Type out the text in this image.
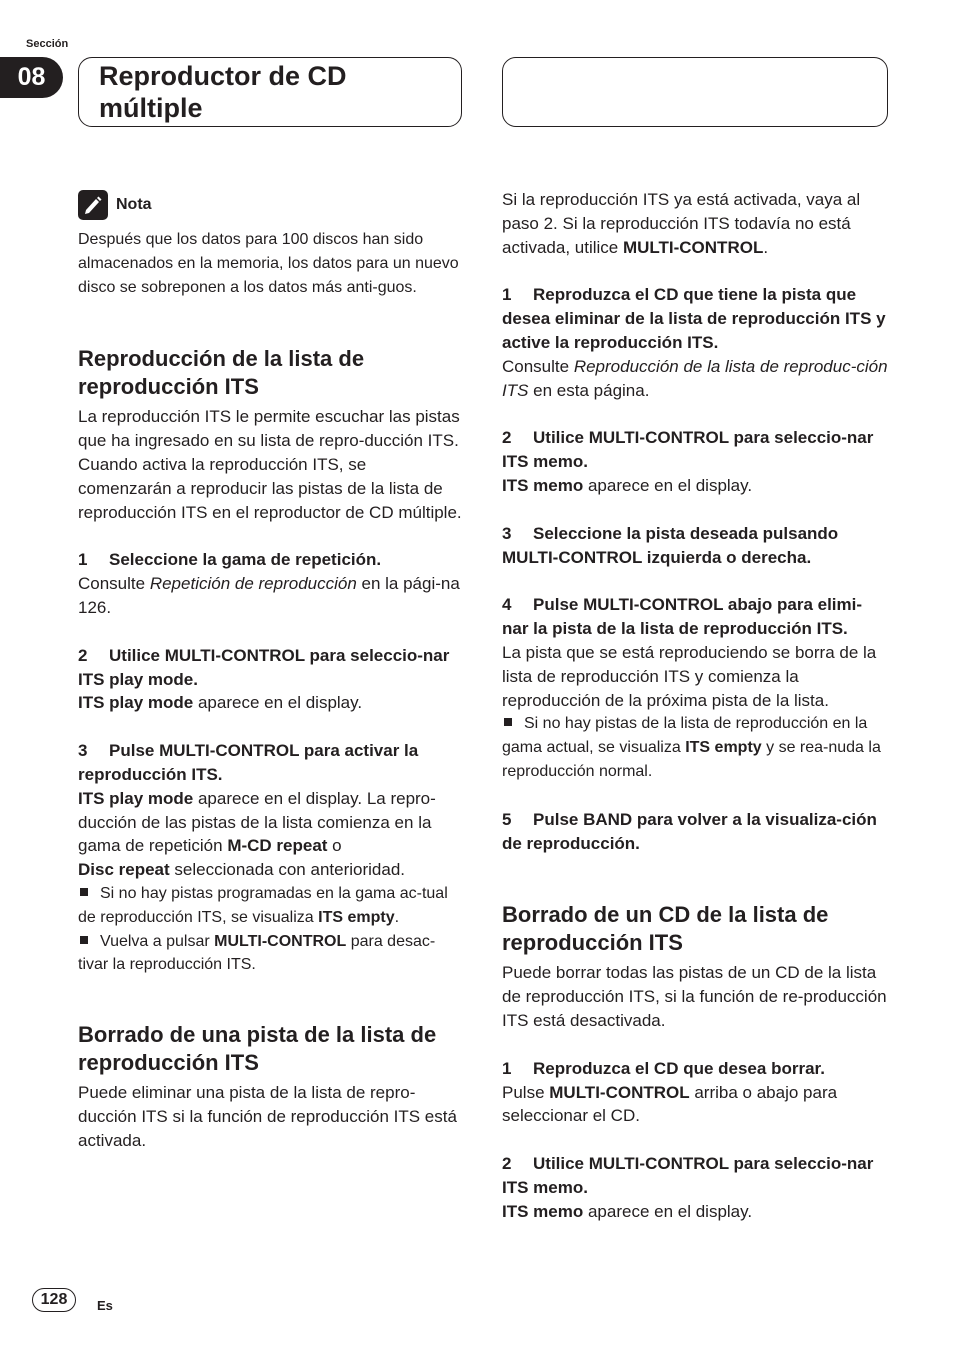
Sección
08	Reproductor de CD
múltiple
Nota

Después que los datos para 100 discos han sido almacenados en la memoria, los datos para un nuevo disco se sobreponen a los datos más anti-guos.

Reproducción de la lista de reproducción ITS

La reproducción ITS le permite escuchar las pistas que ha ingresado en su lista de repro-ducción ITS. Cuando activa la reproducción ITS, se comenzarán a reproducir las pistas de la lista de reproducción ITS en el reproductor de CD múltiple.

1 Seleccione la gama de repetición.

Consulte Repetición de reproducción en la pági-na 126.

2 Utilice MULTI-CONTROL para seleccio-nar ITS play mode.

ITS play mode aparece en el display.

3 Pulse MULTI-CONTROL para activar la reproducción ITS.

ITS play mode aparece en el display. La repro-ducción de las pistas de la lista comienza en la gama de repetición M-CD repeat o
Disc repeat seleccionada con anterioridad.

Si no hay pistas programadas en la gama ac-tual de reproducción ITS, se visualiza ITS empty.

Vuelva a pulsar MULTI-CONTROL para desac-tivar la reproducción ITS.

Borrado de una pista de la lista de reproducción ITS

Puede eliminar una pista de la lista de repro-ducción ITS si la función de reproducción ITS está activada.

Si la reproducción ITS ya está activada, vaya al paso 2. Si la reproducción ITS todavía no está activada, utilice MULTI-CONTROL.

1 Reproduzca el CD que tiene la pista que desea eliminar de la lista de reproducción ITS y active la reproducción ITS.

Consulte Reproducción de la lista de reproduc-ción ITS en esta página.

2 Utilice MULTI-CONTROL para seleccio-nar ITS memo.

ITS memo aparece en el display.

3 Seleccione la pista deseada pulsando MULTI-CONTROL izquierda o derecha.

4 Pulse MULTI-CONTROL abajo para elimi-nar la pista de la lista de reproducción ITS.

La pista que se está reproduciendo se borra de la lista de reproducción ITS y comienza la reproducción de la próxima pista de la lista.

Si no hay pistas de la lista de reproducción en la gama actual, se visualiza ITS empty y se rea-nuda la reproducción normal.

5 Pulse BAND para volver a la visualiza-ción de reproducción.

Borrado de un CD de la lista de reproducción ITS

Puede borrar todas las pistas de un CD de la lista de reproducción ITS, si la función de re-producción ITS está desactivada.

1 Reproduzca el CD que desea borrar.

Pulse MULTI-CONTROL arriba o abajo para seleccionar el CD.

2 Utilice MULTI-CONTROL para seleccio-nar ITS memo.

ITS memo aparece en el display.

128	Es
